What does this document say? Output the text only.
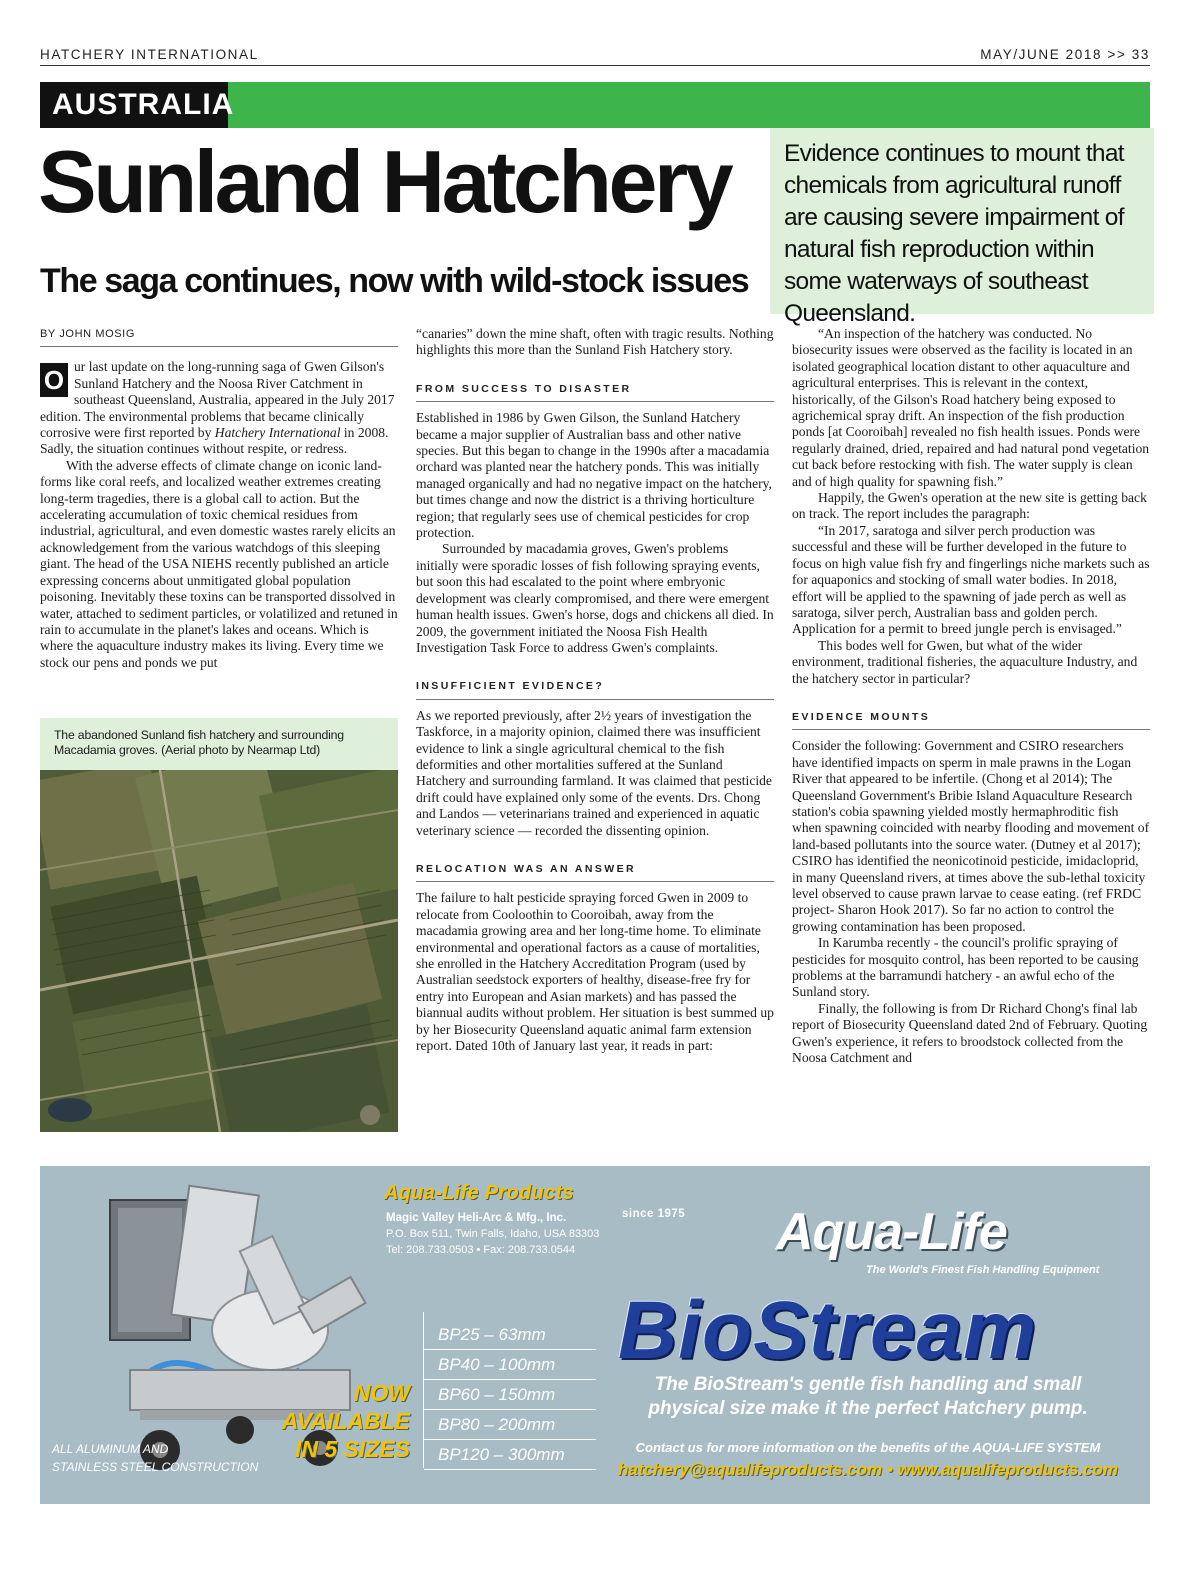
HATCHERY INTERNATIONAL	MAY/JUNE 2018 >> 33
AUSTRALIA
Sunland Hatchery
The saga continues, now with wild-stock issues
Evidence continues to mount that chemicals from agricultural runoff are causing severe impairment of natural fish reproduction within some waterways of southeast Queensland.
BY JOHN MOSIG

O ur last update on the long-running saga of Gwen Gilson's Sunland Hatchery and the Noosa River Catchment in southeast Queensland, Australia, appeared in the July 2017 edition. The environmental problems that became clinically corrosive were first reported by Hatchery International in 2008. Sadly, the situation continues without respite, or redress.

With the adverse effects of climate change on iconic land-forms like coral reefs, and localized weather extremes creating long-term tragedies, there is a global call to action. But the accelerating accumulation of toxic chemical residues from industrial, agricultural, and even domestic wastes rarely elicits an acknowledgement from the various watchdogs of this sleeping giant. The head of the USA NIEHS recently published an article expressing concerns about unmitigated global population poisoning. Inevitably these toxins can be transported dissolved in water, attached to sediment particles, or volatilized and retuned in rain to accumulate in the planet's lakes and oceans. Which is where the aquaculture industry makes its living. Every time we stock our pens and ponds we put

The abandoned Sunland fish hatchery and surrounding Macadamia groves. (Aerial photo by Nearmap Ltd)

“canaries” down the mine shaft, often with tragic results. Nothing highlights this more than the Sunland Fish Hatchery story.

FROM SUCCESS TO DISASTER

Established in 1986 by Gwen Gilson, the Sunland Hatchery became a major supplier of Australian bass and other native species. But this began to change in the 1990s after a macadamia orchard was planted near the hatchery ponds. This was initially managed organically and had no negative impact on the hatchery, but times change and now the district is a thriving horticulture region; that regularly sees use of chemical pesticides for crop protection.

Surrounded by macadamia groves, Gwen's problems initially were sporadic losses of fish following spraying events, but soon this had escalated to the point where embryonic development was clearly compromised, and there were emergent human health issues. Gwen's horse, dogs and chickens all died. In 2009, the government initiated the Noosa Fish Health Investigation Task Force to address Gwen's complaints.

INSUFFICIENT EVIDENCE?

As we reported previously, after 2½ years of investigation the Taskforce, in a majority opinion, claimed there was insufficient evidence to link a single agricultural chemical to the fish deformities and other mortalities suffered at the Sunland Hatchery and surrounding farmland. It was claimed that pesticide drift could have explained only some of the events. Drs. Chong and Landos — veterinarians trained and experienced in aquatic veterinary science — recorded the dissenting opinion.

RELOCATION WAS AN ANSWER

The failure to halt pesticide spraying forced Gwen in 2009 to relocate from Cooloothin to Cooroibah, away from the macadamia growing area and her long-time home. To eliminate environmental and operational factors as a cause of mortalities, she enrolled in the Hatchery Accreditation Program (used by Australian seedstock exporters of healthy, disease-free fry for entry into European and Asian markets) and has passed the biannual audits without problem. Her situation is best summed up by her Biosecurity Queensland aquatic animal farm extension report. Dated 10th of January last year, it reads in part:

“An inspection of the hatchery was conducted. No biosecurity issues were observed as the facility is located in an isolated geographical location distant to other aquaculture and agricultural enterprises. This is relevant in the context, historically, of the Gilson's Road hatchery being exposed to agrichemical spray drift. An inspection of the fish production ponds [at Cooroibah] revealed no fish health issues. Ponds were regularly drained, dried, repaired and had natural pond vegetation cut back before restocking with fish. The water supply is clean and of high quality for spawning fish.”

Happily, the Gwen's operation at the new site is getting back on track. The report includes the paragraph:

“In 2017, saratoga and silver perch production was successful and these will be further developed in the future to focus on high value fish fry and fingerlings niche markets such as for aquaponics and stocking of small water bodies. In 2018, effort will be applied to the spawning of jade perch as well as saratoga, silver perch, Australian bass and golden perch. Application for a permit to breed jungle perch is envisaged.”

This bodes well for Gwen, but what of the wider environment, traditional fisheries, the aquaculture Industry, and the hatchery sector in particular?

EVIDENCE MOUNTS

Consider the following: Government and CSIRO researchers have identified impacts on sperm in male prawns in the Logan River that appeared to be infertile. (Chong et al 2014); The Queensland Government's Bribie Island Aquaculture Research station's cobia spawning yielded mostly hermaphroditic fish when spawning coincided with nearby flooding and movement of land-based pollutants into the source water. (Dutney et al 2017); CSIRO has identified the neonicotinoid pesticide, imidacloprid, in many Queensland rivers, at times above the sub-lethal toxicity level observed to cause prawn larvae to cease eating. (ref FRDC project- Sharon Hook 2017). So far no action to control the growing contamination has been proposed.

In Karumba recently - the council's prolific spraying of pesticides for mosquito control, has been reported to be causing problems at the barramundi hatchery - an awful echo of the Sunland story.

Finally, the following is from Dr Richard Chong's final lab report of Biosecurity Queensland dated 2nd of February. Quoting Gwen's experience, it refers to broodstock collected from the Noosa Catchment and

Aqua-Life Products
since 1975
Magic Valley Heli-Arc & Mfg., Inc.
P.O. Box 511, Twin Falls, Idaho, USA 83303
Tel: 208.733.0503 • Fax: 208.733.0544	Aqua-Life
The World's Finest Fish Handling Equipment
BioStream
BP25 – 63mm
BP40 – 100mm
BP60 – 150mm
BP80 – 200mm
BP120 – 300mm
NOW
AVAILABLE
IN 5 SIZES
The BioStream's gentle fish handling and small
physical size make it the perfect Hatchery pump.
Contact us for more information on the benefits of the AQUA-LIFE SYSTEM
hatchery@aqualifeproducts.com • www.aqualifeproducts.com
ALL ALUMINUM AND
STAINLESS STEEL CONSTRUCTION
